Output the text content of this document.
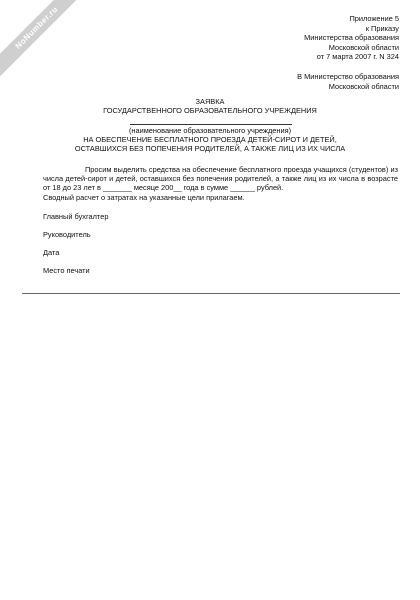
NoNumber.ru	Приложение 5
к Приказу
Министерства образования
Московской области
от 7 марта 2007 г. N 324
В Министерство образования
Московской области
ЗАЯВКА
ГОСУДАРСТВЕННОГО ОБРАЗОВАТЕЛЬНОГО УЧРЕЖДЕНИЯ
(наименование образовательного учреждения)
НА ОБЕСПЕЧЕНИЕ БЕСПЛАТНОГО ПРОЕЗДА ДЕТЕЙ-СИРОТ И ДЕТЕЙ,
ОСТАВШИХСЯ БЕЗ ПОПЕЧЕНИЯ РОДИТЕЛЕЙ, А ТАКЖЕ ЛИЦ ИЗ ИХ ЧИСЛА
Просим выделить средства на обеспечение бесплатного проезда учащихся (студентов) из числа детей-сирот и детей, оставшихся без попечения родителей, а также лиц из их числа в возрасте от 18 до 23 лет в _______ месяце 200__ года в сумме ______ рублей.
Сводный расчет о затратах на указанные цели прилагаем.
Главный бухгалтер
Руководитель
Дата
Место печати
